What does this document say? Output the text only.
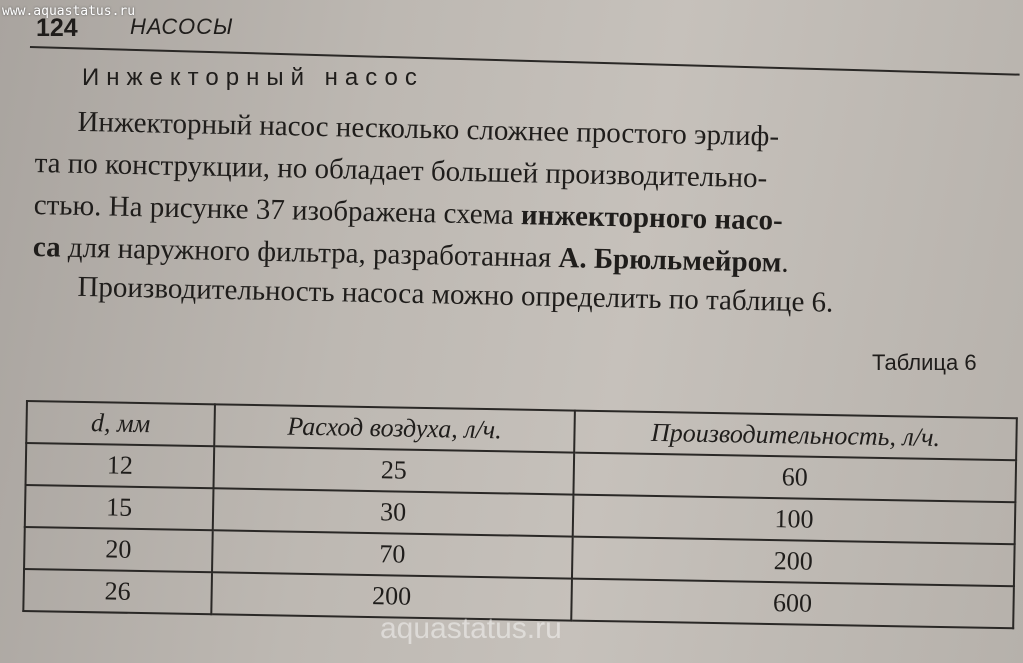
www.aquastatus.ru
124 НАСОСЫ
Инжекторный насос
Инжекторный насос несколько сложнее простого эрлиф-
та по конструкции, но обладает большей производительно-
стью. На рисунке 37 изображена схема инжекторного насо-
са для наружного фильтра, разработанная А. Брюльмейром.
Производительность насоса можно определить по таблице 6.
Таблица 6
d, мм	Расход воздуха, л/ч.	Производительность, л/ч.
12	25	60
15	30	100
20	70	200
26	200	600
aquastatus.ru
